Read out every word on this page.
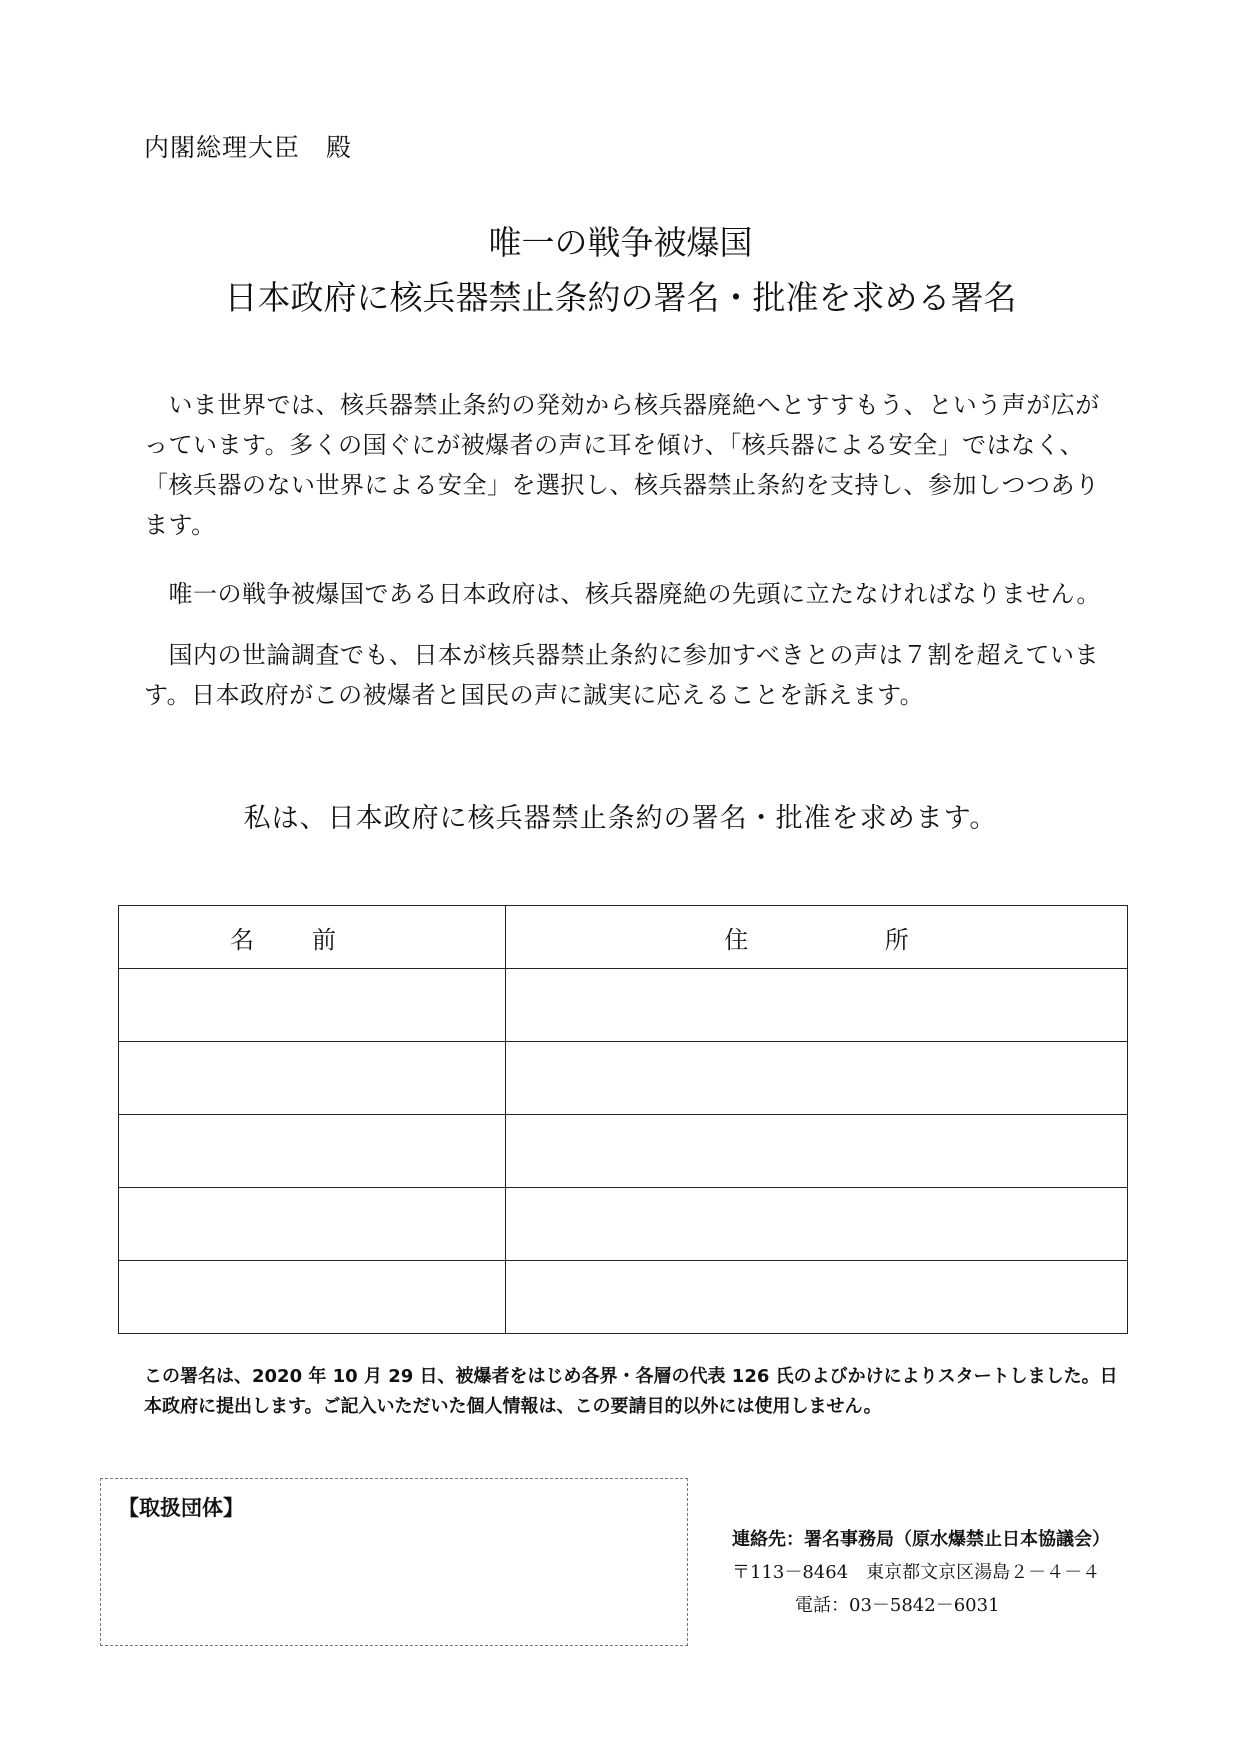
内閣総理大臣　殿
唯一の戦争被爆国
日本政府に核兵器禁止条約の署名・批准を求める署名
　いま世界では、核兵器禁止条約の発効から核兵器廃絶へとすすもう、という声が広がっています。多くの国ぐにが被爆者の声に耳を傾け、「核兵器による安全」ではなく、「核兵器のない世界による安全」を選択し、核兵器禁止条約を支持し、参加しつつあります。
　唯一の戦争被爆国である日本政府は、核兵器廃絶の先頭に立たなければなりません。
　国内の世論調査でも、日本が核兵器禁止条約に参加すべきとの声は７割を超えています。日本政府がこの被爆者と国民の声に誠実に応えることを訴えます。
私は、日本政府に核兵器禁止条約の署名・批准を求めます。
名前	住 所

この署名は、2020 年 10 月 29 日、被爆者をはじめ各界・各層の代表 126 氏のよびかけによりスタートしました。日本政府に提出します。ご記入いただいた個人情報は、この要請目的以外には使用しません。
【取扱団体】
連絡先：署名事務局（原水爆禁止日本協議会）
〒113－8464　東京都文京区湯島２－４－４
電話：03－5842－6031
